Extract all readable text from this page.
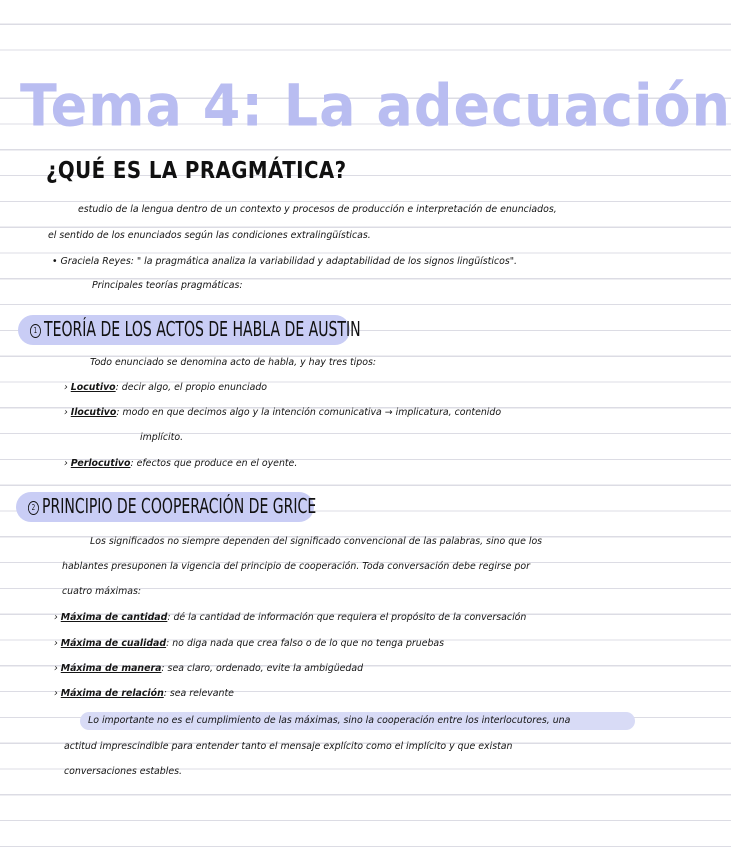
Tema 4: La adecuación
¿QUÉ ES LA PRAGMÁTICA?
estudio de la lengua dentro de un contexto y procesos de producción e interpretación de enunciados,
el sentido de los enunciados según las condiciones extralingüísticas.
• Graciela Reyes: " la pragmática analiza la variabilidad y adaptabilidad de los signos lingüísticos".
Principales teorías pragmáticas:
1 TEORÍA DE LOS ACTOS DE HABLA DE AUSTIN
Todo enunciado se denomina acto de habla, y hay tres tipos:
› Locutivo: decir algo, el propio enunciado
› Ilocutivo: modo en que decimos algo y la intención comunicativa → implicatura, contenido
implícito.
› Perlocutivo: efectos que produce en el oyente.
2 PRINCIPIO DE COOPERACIÓN DE GRICE
Los significados no siempre dependen del significado convencional de las palabras, sino que los
hablantes presuponen la vigencia del principio de cooperación. Toda conversación debe regirse por
cuatro máximas:
› Máxima de cantidad: dé la cantidad de información que requiera el propósito de la conversación
› Máxima de cualidad: no diga nada que crea falso o de lo que no tenga pruebas
› Máxima de manera: sea claro, ordenado, evite la ambigüedad
› Máxima de relación: sea relevante
Lo importante no es el cumplimiento de las máximas, sino la cooperación entre los interlocutores, una
actitud imprescindible para entender tanto el mensaje explícito como el implícito y que existan
conversaciones estables.
